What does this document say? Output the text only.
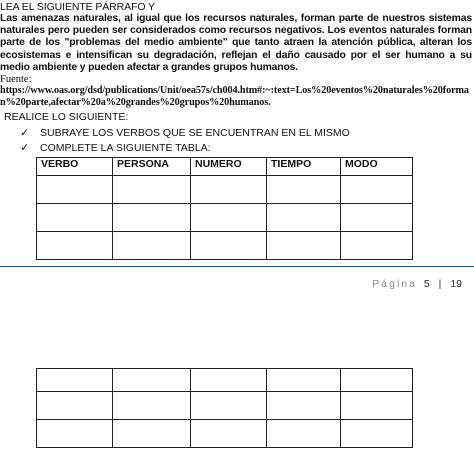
LEA EL SIGUIENTE PÁRRAFO Y
Las amenazas naturales, al igual que los recursos naturales, forman parte de nuestros sistemas naturales pero pueden ser considerados como recursos negativos. Los eventos naturales forman parte de los "problemas del medio ambiente" que tanto atraen la atención pública, alteran los ecosistemas e intensifican su degradación, reflejan el daño causado por el ser humano a su medio ambiente y pueden afectar a grandes grupos humanos.
Fuente:
https://www.oas.org/dsd/publications/Unit/oea57s/ch004.htm#:~:text=Los%20eventos%20naturales%20forman%20parte,afectar%20a%20grandes%20grupos%20humanos.
REALICE LO SIGUIENTE:
✓	SUBRAYE LOS VERBOS QUE SE ENCUENTRAN EN EL MISMO
✓	COMPLETE LA SIGUIENTE TABLA:
VERBO	PERSONA	NUMERO	TIEMPO	MODO

Página 5 | 19
